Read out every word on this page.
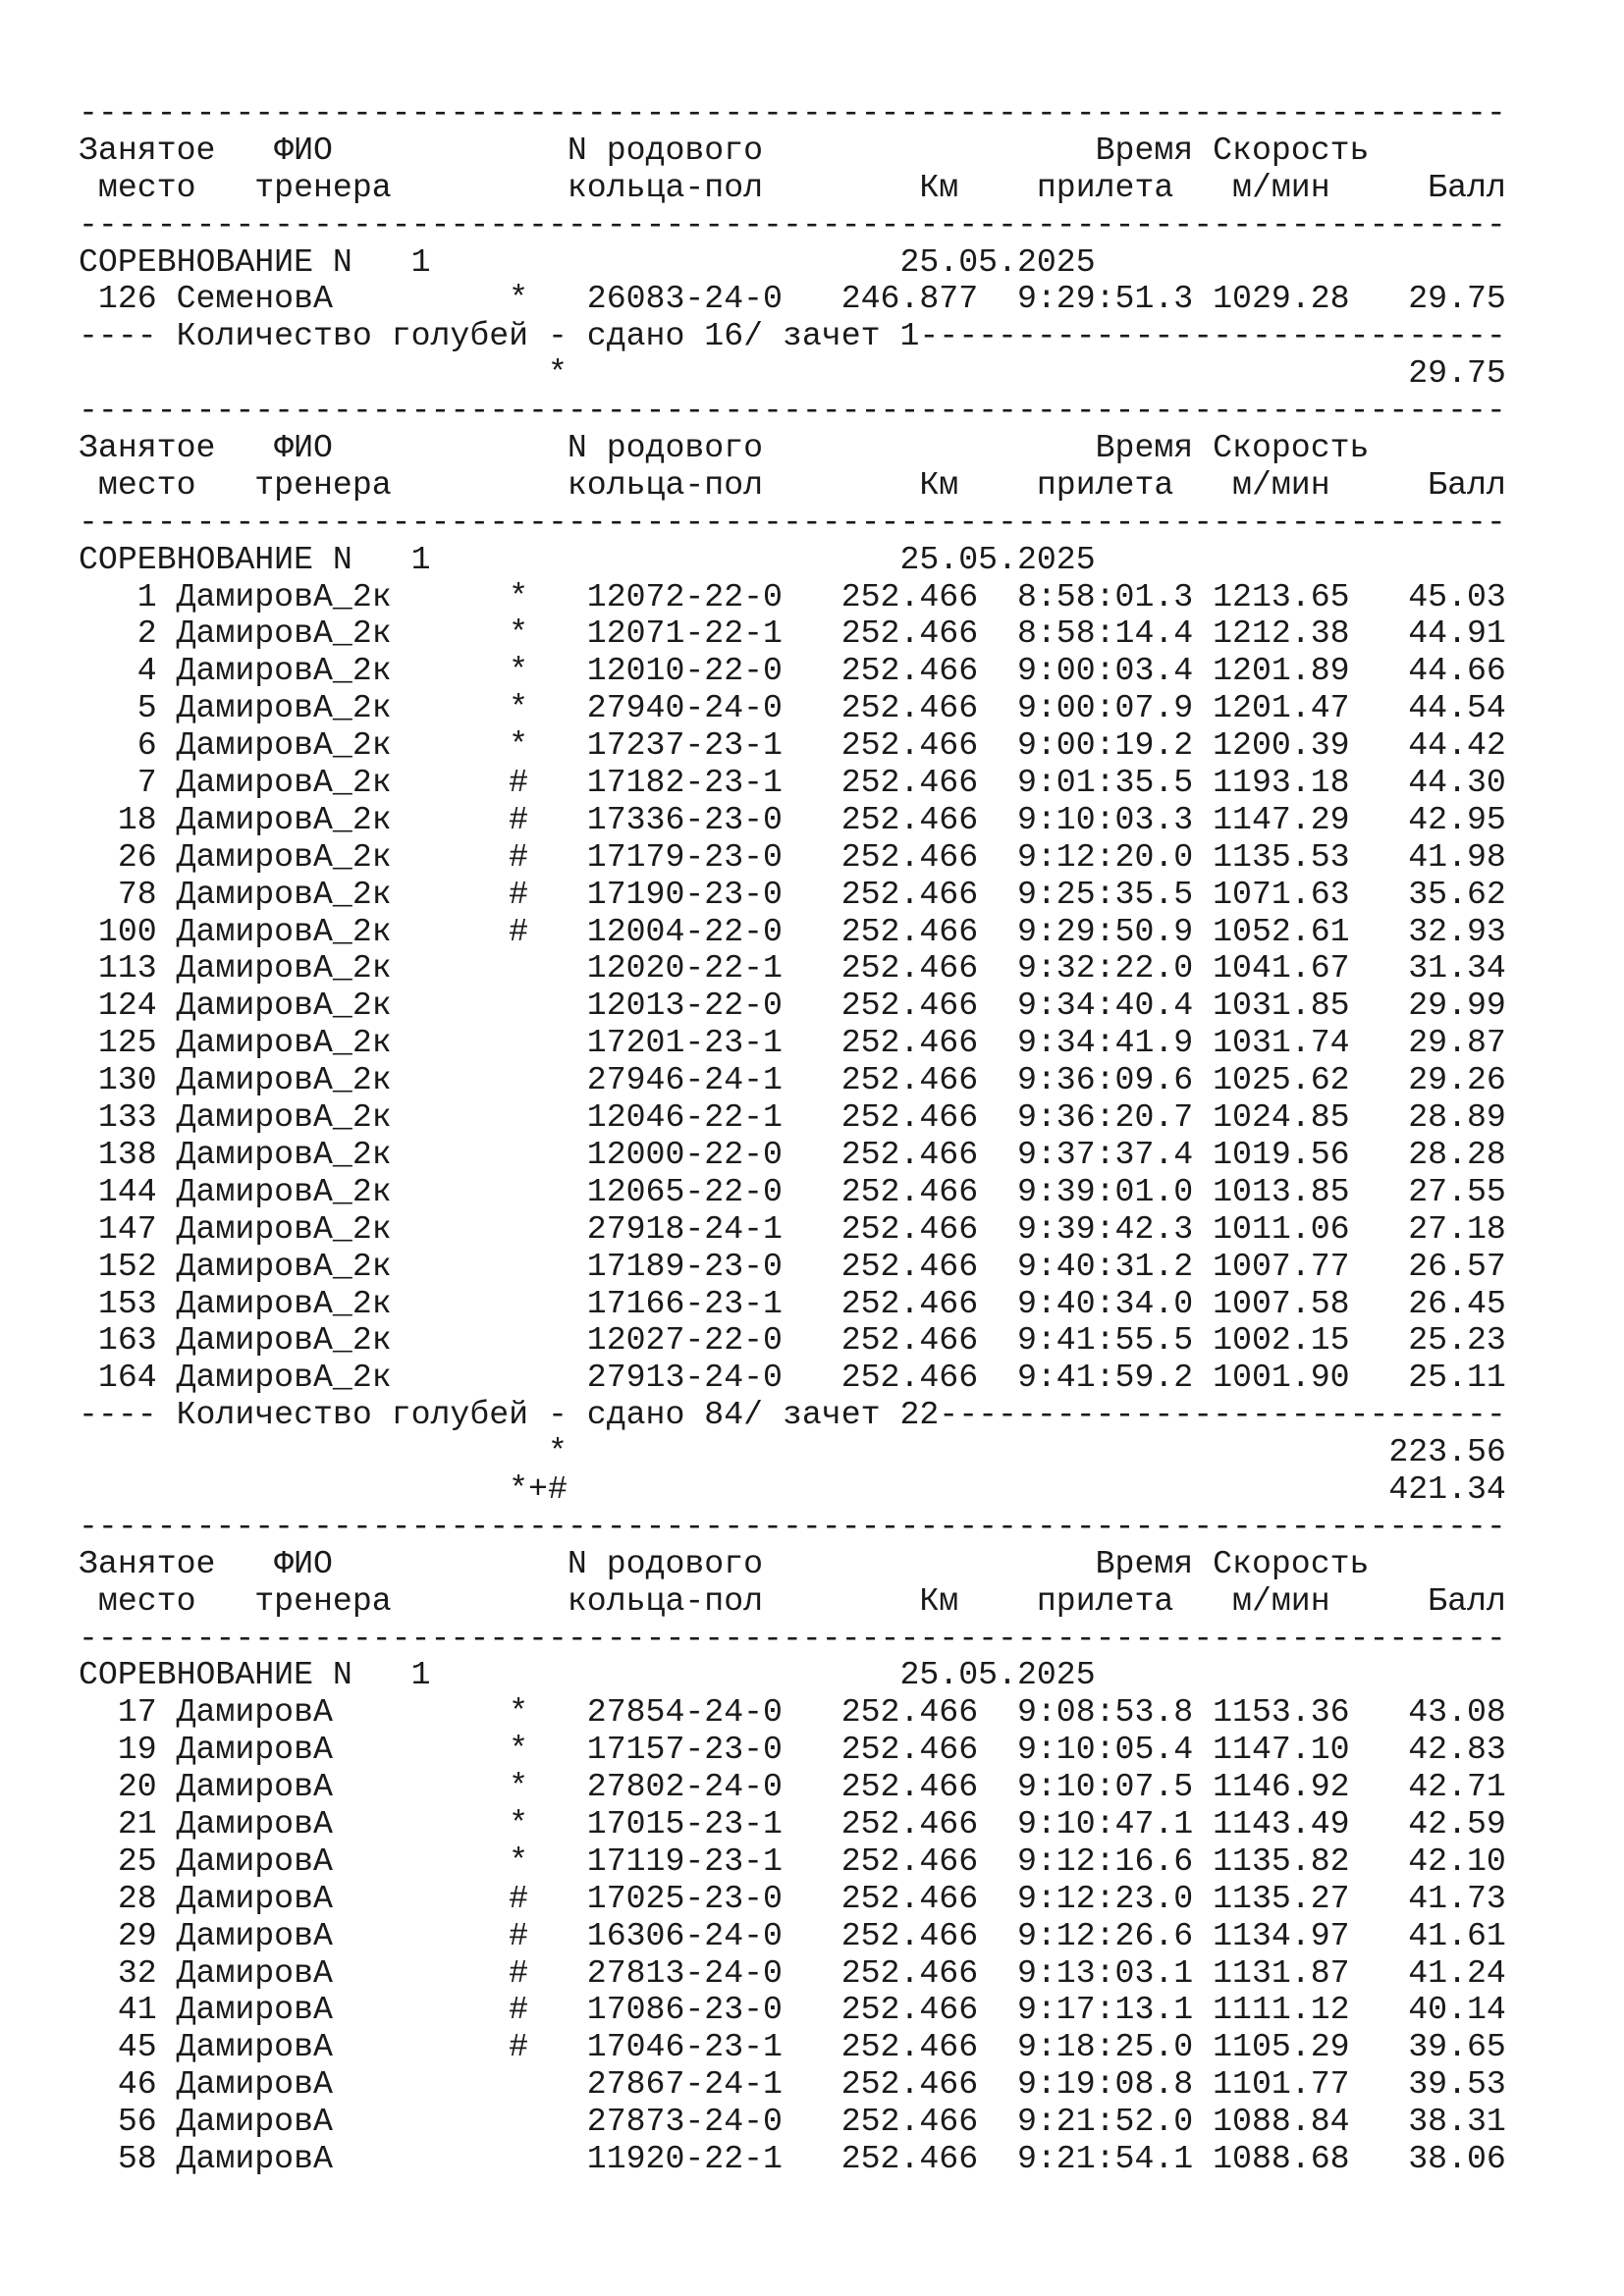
-------------------------------------------------------------------------
Занятое   ФИО            N родового                 Время Скорость
место   тренера         кольца-пол        Км    прилета   м/мин     Балл
-------------------------------------------------------------------------
СОРЕВНОВАНИЕ N   1                        25.05.2025
126 СеменовА         *   26083-24-0   246.877  9:29:51.3 1029.28   29.75
---- Количество голубей - сдано 16/ зачет 1------------------------------
*                                           29.75
-------------------------------------------------------------------------
Занятое   ФИО            N родового                 Время Скорость
место   тренера         кольца-пол        Км    прилета   м/мин     Балл
-------------------------------------------------------------------------
СОРЕВНОВАНИЕ N   1                        25.05.2025
1 ДамировА_2к      *   12072-22-0   252.466  8:58:01.3 1213.65   45.03
2 ДамировА_2к      *   12071-22-1   252.466  8:58:14.4 1212.38   44.91
4 ДамировА_2к      *   12010-22-0   252.466  9:00:03.4 1201.89   44.66
5 ДамировА_2к      *   27940-24-0   252.466  9:00:07.9 1201.47   44.54
6 ДамировА_2к      *   17237-23-1   252.466  9:00:19.2 1200.39   44.42
7 ДамировА_2к      #   17182-23-1   252.466  9:01:35.5 1193.18   44.30
18 ДамировА_2к      #   17336-23-0   252.466  9:10:03.3 1147.29   42.95
26 ДамировА_2к      #   17179-23-0   252.466  9:12:20.0 1135.53   41.98
78 ДамировА_2к      #   17190-23-0   252.466  9:25:35.5 1071.63   35.62
100 ДамировА_2к      #   12004-22-0   252.466  9:29:50.9 1052.61   32.93
113 ДамировА_2к          12020-22-1   252.466  9:32:22.0 1041.67   31.34
124 ДамировА_2к          12013-22-0   252.466  9:34:40.4 1031.85   29.99
125 ДамировА_2к          17201-23-1   252.466  9:34:41.9 1031.74   29.87
130 ДамировА_2к          27946-24-1   252.466  9:36:09.6 1025.62   29.26
133 ДамировА_2к          12046-22-1   252.466  9:36:20.7 1024.85   28.89
138 ДамировА_2к          12000-22-0   252.466  9:37:37.4 1019.56   28.28
144 ДамировА_2к          12065-22-0   252.466  9:39:01.0 1013.85   27.55
147 ДамировА_2к          27918-24-1   252.466  9:39:42.3 1011.06   27.18
152 ДамировА_2к          17189-23-0   252.466  9:40:31.2 1007.77   26.57
153 ДамировА_2к          17166-23-1   252.466  9:40:34.0 1007.58   26.45
163 ДамировА_2к          12027-22-0   252.466  9:41:55.5 1002.15   25.23
164 ДамировА_2к          27913-24-0   252.466  9:41:59.2 1001.90   25.11
---- Количество голубей - сдано 84/ зачет 22-----------------------------
*                                          223.56
*+#                                          421.34
-------------------------------------------------------------------------
Занятое   ФИО            N родового                 Время Скорость
место   тренера         кольца-пол        Км    прилета   м/мин     Балл
-------------------------------------------------------------------------
СОРЕВНОВАНИЕ N   1                        25.05.2025
17 ДамировА         *   27854-24-0   252.466  9:08:53.8 1153.36   43.08
19 ДамировА         *   17157-23-0   252.466  9:10:05.4 1147.10   42.83
20 ДамировА         *   27802-24-0   252.466  9:10:07.5 1146.92   42.71
21 ДамировА         *   17015-23-1   252.466  9:10:47.1 1143.49   42.59
25 ДамировА         *   17119-23-1   252.466  9:12:16.6 1135.82   42.10
28 ДамировА         #   17025-23-0   252.466  9:12:23.0 1135.27   41.73
29 ДамировА         #   16306-24-0   252.466  9:12:26.6 1134.97   41.61
32 ДамировА         #   27813-24-0   252.466  9:13:03.1 1131.87   41.24
41 ДамировА         #   17086-23-0   252.466  9:17:13.1 1111.12   40.14
45 ДамировА         #   17046-23-1   252.466  9:18:25.0 1105.29   39.65
46 ДамировА             27867-24-1   252.466  9:19:08.8 1101.77   39.53
56 ДамировА             27873-24-0   252.466  9:21:52.0 1088.84   38.31
58 ДамировА             11920-22-1   252.466  9:21:54.1 1088.68   38.06
